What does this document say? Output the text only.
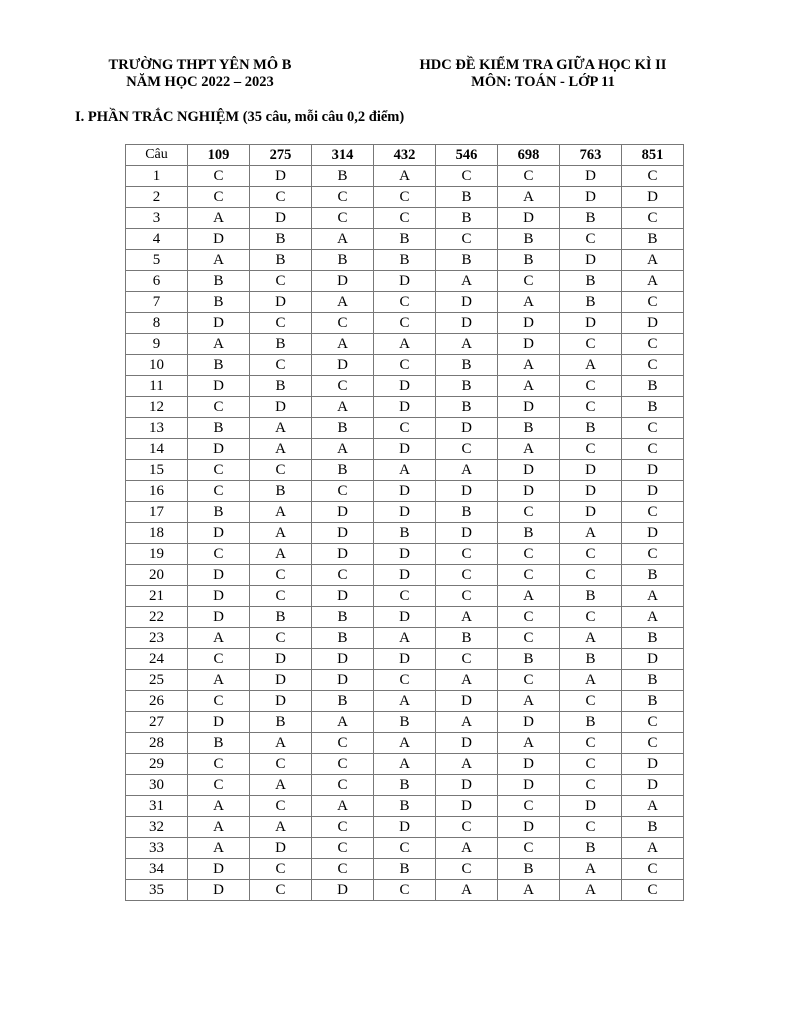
TRƯỜNG THPT YÊN MÔ B
NĂM HỌC 2022 – 2023
HDC ĐỀ KIỂM TRA GIỮA HỌC KÌ II
MÔN: TOÁN - LỚP 11
I. PHẦN TRẮC NGHIỆM (35 câu, mỗi câu 0,2 điểm)
Câu	109	275	314	432	546	698	763	851
1	C	D	B	A	C	C	D	C
2	C	C	C	C	B	A	D	D
3	A	D	C	C	B	D	B	C
4	D	B	A	B	C	B	C	B
5	A	B	B	B	B	B	D	A
6	B	C	D	D	A	C	B	A
7	B	D	A	C	D	A	B	C
8	D	C	C	C	D	D	D	D
9	A	B	A	A	A	D	C	C
10	B	C	D	C	B	A	A	C
11	D	B	C	D	B	A	C	B
12	C	D	A	D	B	D	C	B
13	B	A	B	C	D	B	B	C
14	D	A	A	D	C	A	C	C
15	C	C	B	A	A	D	D	D
16	C	B	C	D	D	D	D	D
17	B	A	D	D	B	C	D	C
18	D	A	D	B	D	B	A	D
19	C	A	D	D	C	C	C	C
20	D	C	C	D	C	C	C	B
21	D	C	D	C	C	A	B	A
22	D	B	B	D	A	C	C	A
23	A	C	B	A	B	C	A	B
24	C	D	D	D	C	B	B	D
25	A	D	D	C	A	C	A	B
26	C	D	B	A	D	A	C	B
27	D	B	A	B	A	D	B	C
28	B	A	C	A	D	A	C	C
29	C	C	C	A	A	D	C	D
30	C	A	C	B	D	D	C	D
31	A	C	A	B	D	C	D	A
32	A	A	C	D	C	D	C	B
33	A	D	C	C	A	C	B	A
34	D	C	C	B	C	B	A	C
35	D	C	D	C	A	A	A	C
